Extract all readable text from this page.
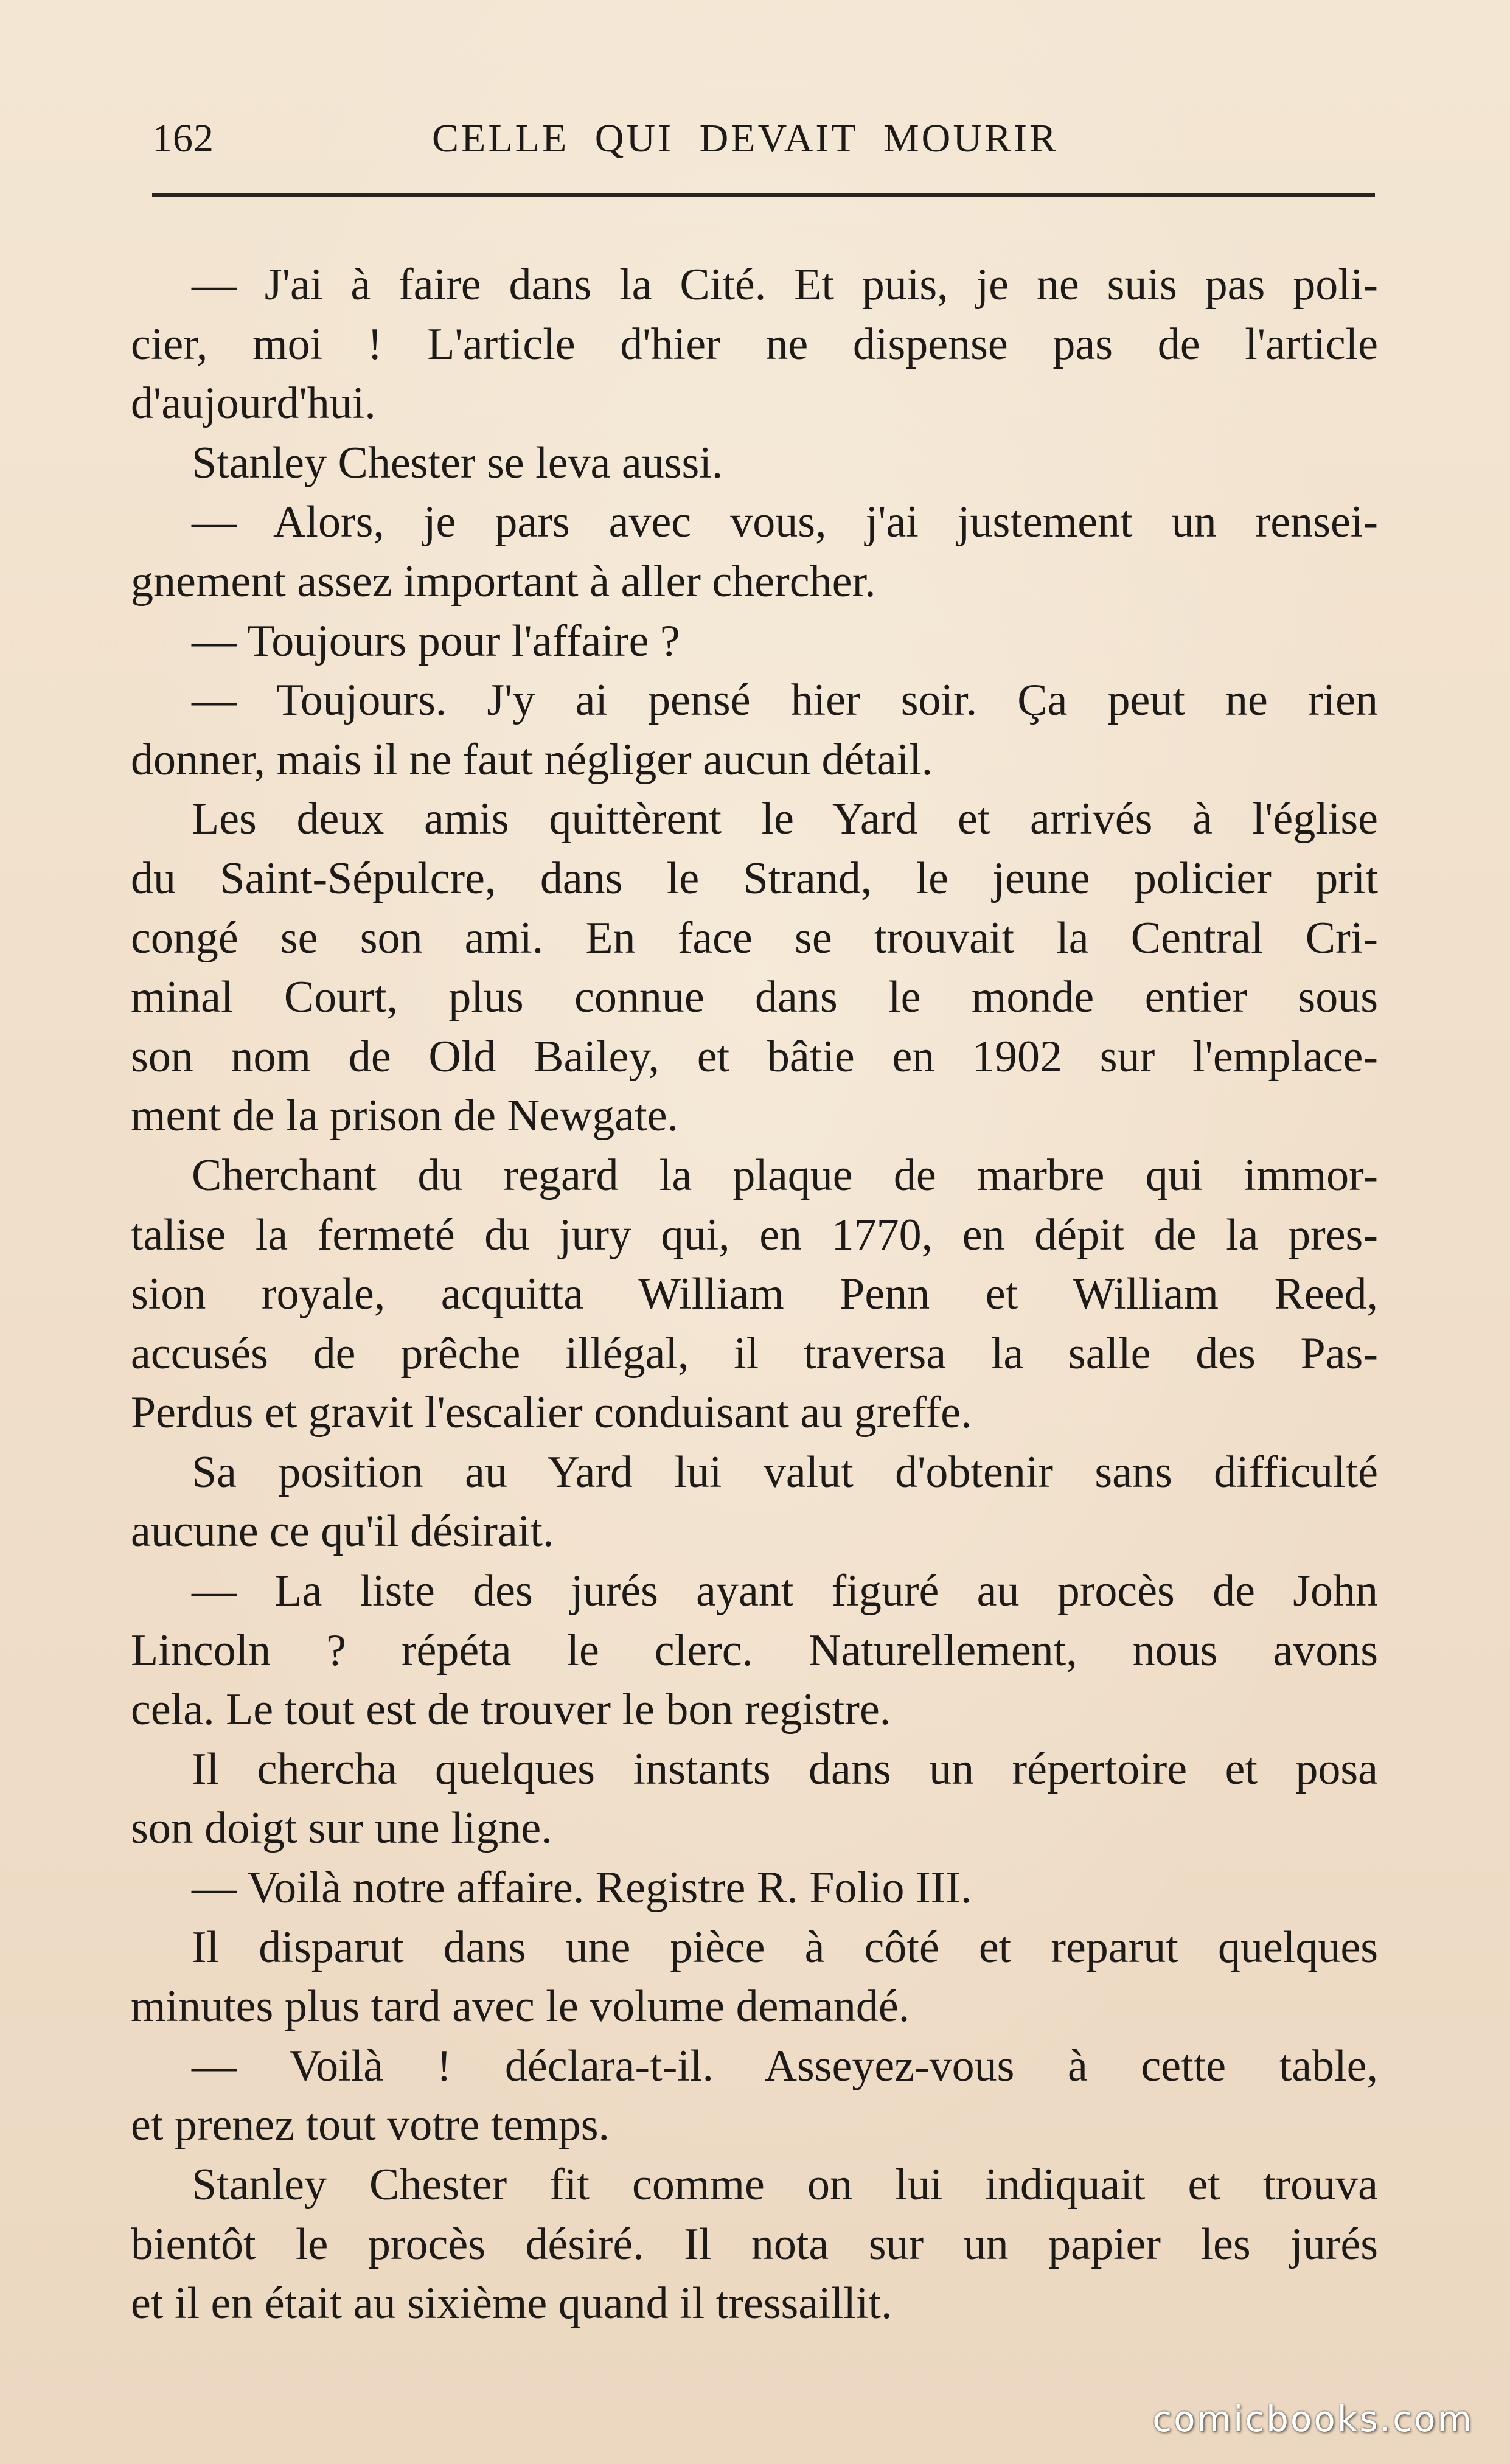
162	CELLE QUI DEVAIT MOURIR
— J'ai à faire dans la Cité. Et puis, je ne suis pas poli-
cier, moi ! L'article d'hier ne dispense pas de l'article
d'aujourd'hui.
Stanley Chester se leva aussi.
— Alors, je pars avec vous, j'ai justement un rensei-
gnement assez important à aller chercher.
— Toujours pour l'affaire ?
— Toujours. J'y ai pensé hier soir. Ça peut ne rien
donner, mais il ne faut négliger aucun détail.
Les deux amis quittèrent le Yard et arrivés à l'église
du Saint-Sépulcre, dans le Strand, le jeune policier prit
congé se son ami. En face se trouvait la Central Cri-
minal Court, plus connue dans le monde entier sous
son nom de Old Bailey, et bâtie en 1902 sur l'emplace-
ment de la prison de Newgate.
Cherchant du regard la plaque de marbre qui immor-
talise la fermeté du jury qui, en 1770, en dépit de la pres-
sion royale, acquitta William Penn et William Reed,
accusés de prêche illégal, il traversa la salle des Pas-
Perdus et gravit l'escalier conduisant au greffe.
Sa position au Yard lui valut d'obtenir sans difficulté
aucune ce qu'il désirait.
— La liste des jurés ayant figuré au procès de John
Lincoln ? répéta le clerc. Naturellement, nous avons
cela. Le tout est de trouver le bon registre.
Il chercha quelques instants dans un répertoire et posa
son doigt sur une ligne.
— Voilà notre affaire. Registre R. Folio III.
Il disparut dans une pièce à côté et reparut quelques
minutes plus tard avec le volume demandé.
— Voilà ! déclara-t-il. Asseyez-vous à cette table,
et prenez tout votre temps.
Stanley Chester fit comme on lui indiquait et trouva
bientôt le procès désiré. Il nota sur un papier les jurés
et il en était au sixième quand il tressaillit.
comicbooks.com
